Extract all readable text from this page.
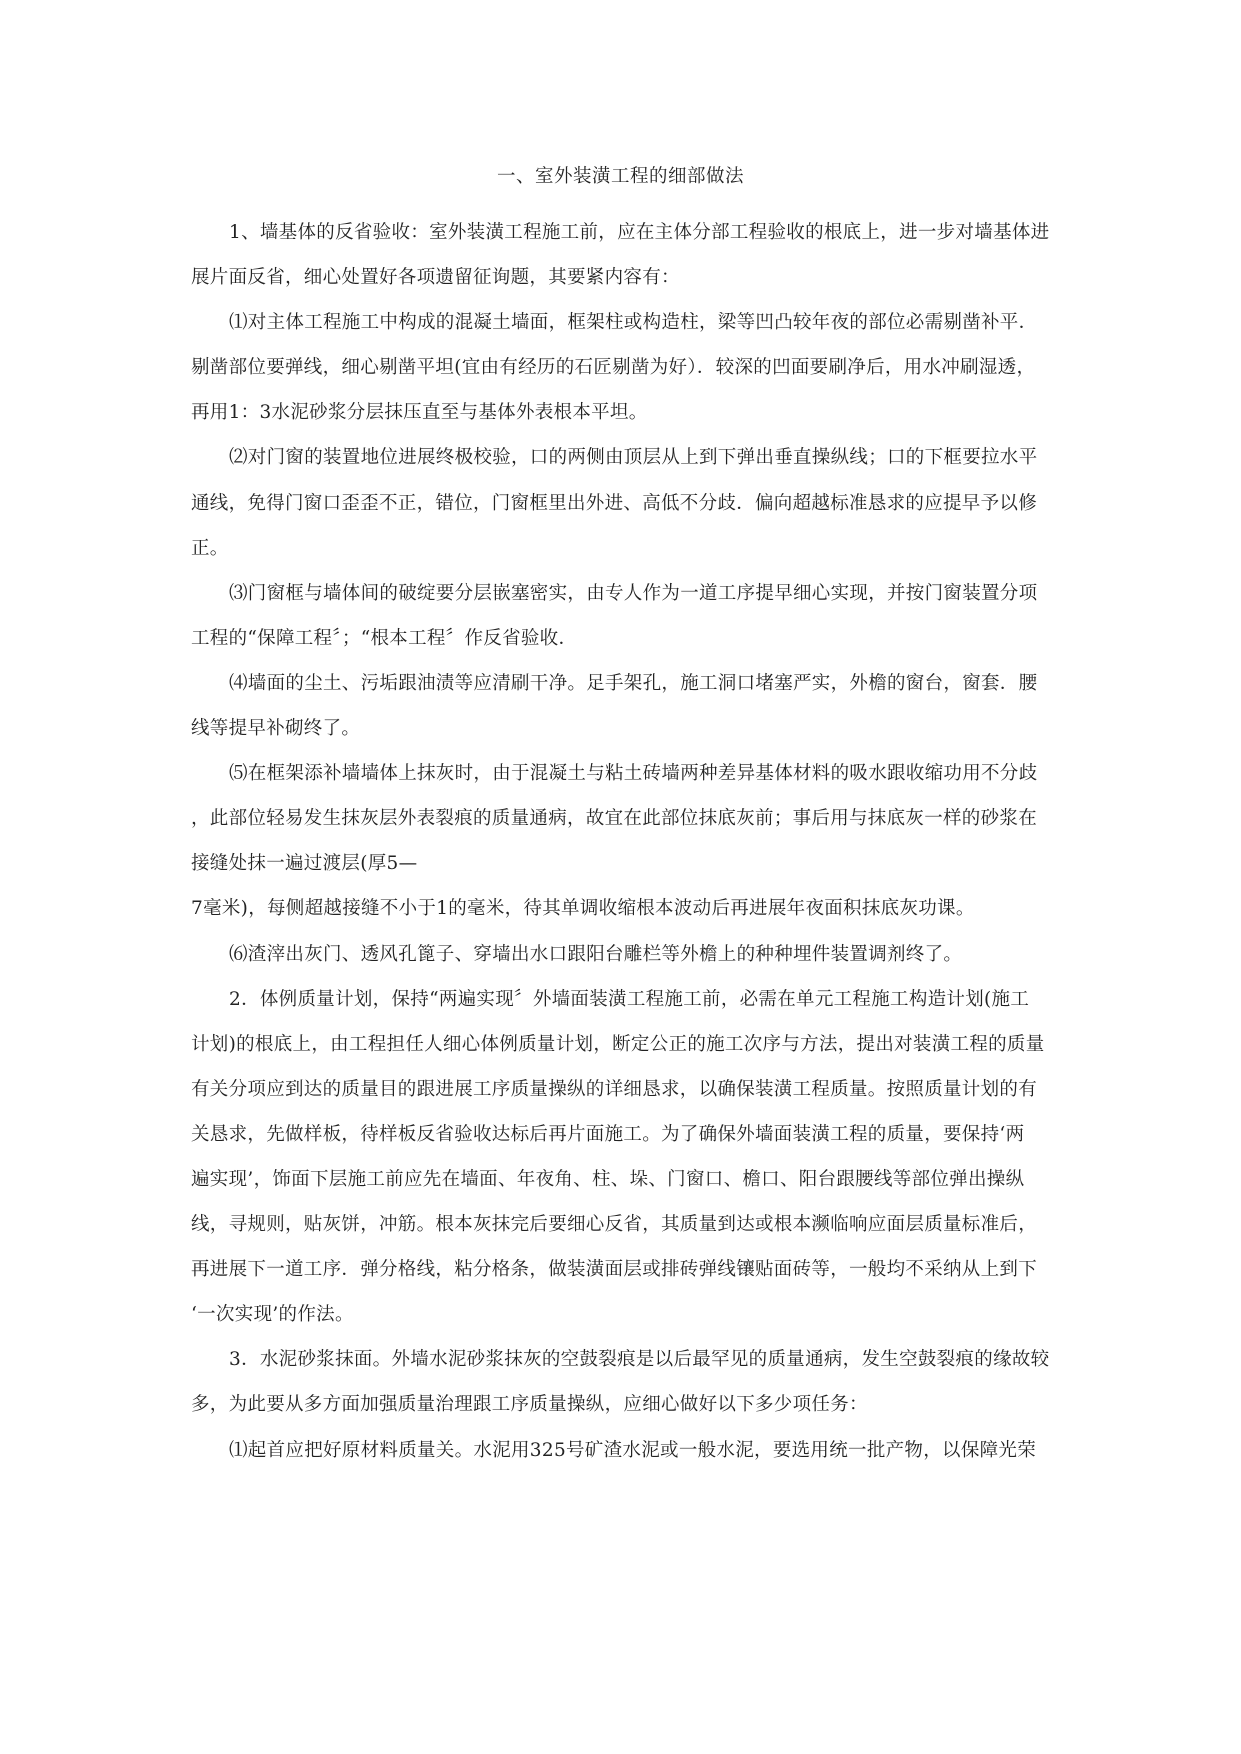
一、室外装潢工程的细部做法
1、墙基体的反省验收：室外装潢工程施工前，应在主体分部工程验收的根底上，进一步对墙基体进
展片面反省，细心处置好各项遗留征询题，其要紧内容有：
⑴对主体工程施工中构成的混凝土墙面，框架柱或构造柱，梁等凹凸较年夜的部位必需剔凿补平．
剔凿部位要弹线，细心剔凿平坦(宜由有经历的石匠剔凿为好）．较深的凹面要刷净后，用水冲刷湿透，
再用1：3水泥砂浆分层抹压直至与基体外表根本平坦。
⑵对门窗的装置地位进展终极校验，口的两侧由顶层从上到下弹出垂直操纵线；口的下框要拉水平
通线，免得门窗口歪歪不正，错位，门窗框里出外进、高低不分歧．偏向超越标准恳求的应提早予以修
正。
⑶门窗框与墙体间的破绽要分层嵌塞密实，由专人作为一道工序提早细心实现，并按门窗装置分项
工程的“保障工程〞；“根本工程〞作反省验收．
⑷墙面的尘土、污垢跟油渍等应清刷干净。足手架孔，施工洞口堵塞严实，外檐的窗台，窗套．腰
线等提早补砌终了。
⑸在框架添补墙墙体上抹灰时，由于混凝土与粘土砖墙两种差异基体材料的吸水跟收缩功用不分歧
，此部位轻易发生抹灰层外表裂痕的质量通病，故宜在此部位抹底灰前；事后用与抹底灰一样的砂浆在
接缝处抹一遍过渡层(厚5—
7毫米)，每侧超越接缝不小于1的毫米，待其单调收缩根本波动后再进展年夜面积抹底灰功课。
⑹渣滓出灰门、透风孔篦子、穿墙出水口跟阳台雕栏等外檐上的种种埋件装置调剂终了。
2．体例质量计划，保持“两遍实现〞外墙面装潢工程施工前，必需在单元工程施工构造计划(施工
计划)的根底上，由工程担任人细心体例质量计划，断定公正的施工次序与方法，提出对装潢工程的质量
有关分项应到达的质量目的跟进展工序质量操纵的详细恳求，以确保装潢工程质量。按照质量计划的有
关恳求，先做样板，待样板反省验收达标后再片面施工。为了确保外墙面装潢工程的质量，要保持‘两
遍实现’，饰面下层施工前应先在墙面、年夜角、柱、垛、门窗口、檐口、阳台跟腰线等部位弹出操纵
线，寻规则，贴灰饼，冲筋。根本灰抹完后要细心反省，其质量到达或根本濒临响应面层质量标准后，
再进展下一道工序．弹分格线，粘分格条，做装潢面层或排砖弹线镶贴面砖等，一般均不采纳从上到下
‘一次实现’的作法。
3．水泥砂浆抹面。外墙水泥砂浆抹灰的空鼓裂痕是以后最罕见的质量通病，发生空鼓裂痕的缘故较
多，为此要从多方面加强质量治理跟工序质量操纵，应细心做好以下多少项任务：
⑴起首应把好原材料质量关。水泥用325号矿渣水泥或一般水泥，要选用统一批产物，以保障光荣
